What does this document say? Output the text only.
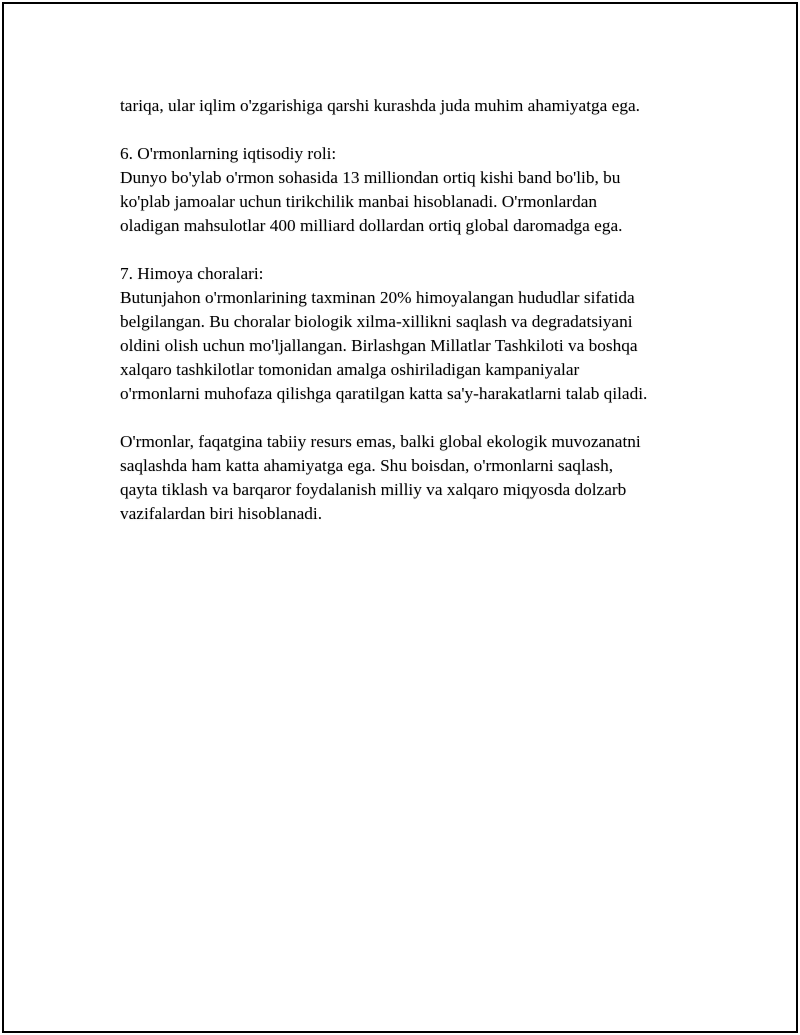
tariqa, ular iqlim o'zgarishiga qarshi kurashda juda muhim ahamiyatga ega.
6. O'rmonlarning iqtisodiy roli:
Dunyo bo'ylab o'rmon sohasida 13 milliondan ortiq kishi band bo'lib, bu
ko'plab jamoalar uchun tirikchilik manbai hisoblanadi. O'rmonlardan
oladigan mahsulotlar 400 milliard dollardan ortiq global daromadga ega.
7. Himoya choralari:
Butunjahon o'rmonlarining taxminan 20% himoyalangan hududlar sifatida
belgilangan. Bu choralar biologik xilma-xillikni saqlash va degradatsiyani
oldini olish uchun mo'ljallangan. Birlashgan Millatlar Tashkiloti va boshqa
xalqaro tashkilotlar tomonidan amalga oshiriladigan kampaniyalar
o'rmonlarni muhofaza qilishga qaratilgan katta sa'y-harakatlarni talab qiladi.
O'rmonlar, faqatgina tabiiy resurs emas, balki global ekologik muvozanatni
saqlashda ham katta ahamiyatga ega. Shu boisdan, o'rmonlarni saqlash,
qayta tiklash va barqaror foydalanish milliy va xalqaro miqyosda dolzarb
vazifalardan biri hisoblanadi.
